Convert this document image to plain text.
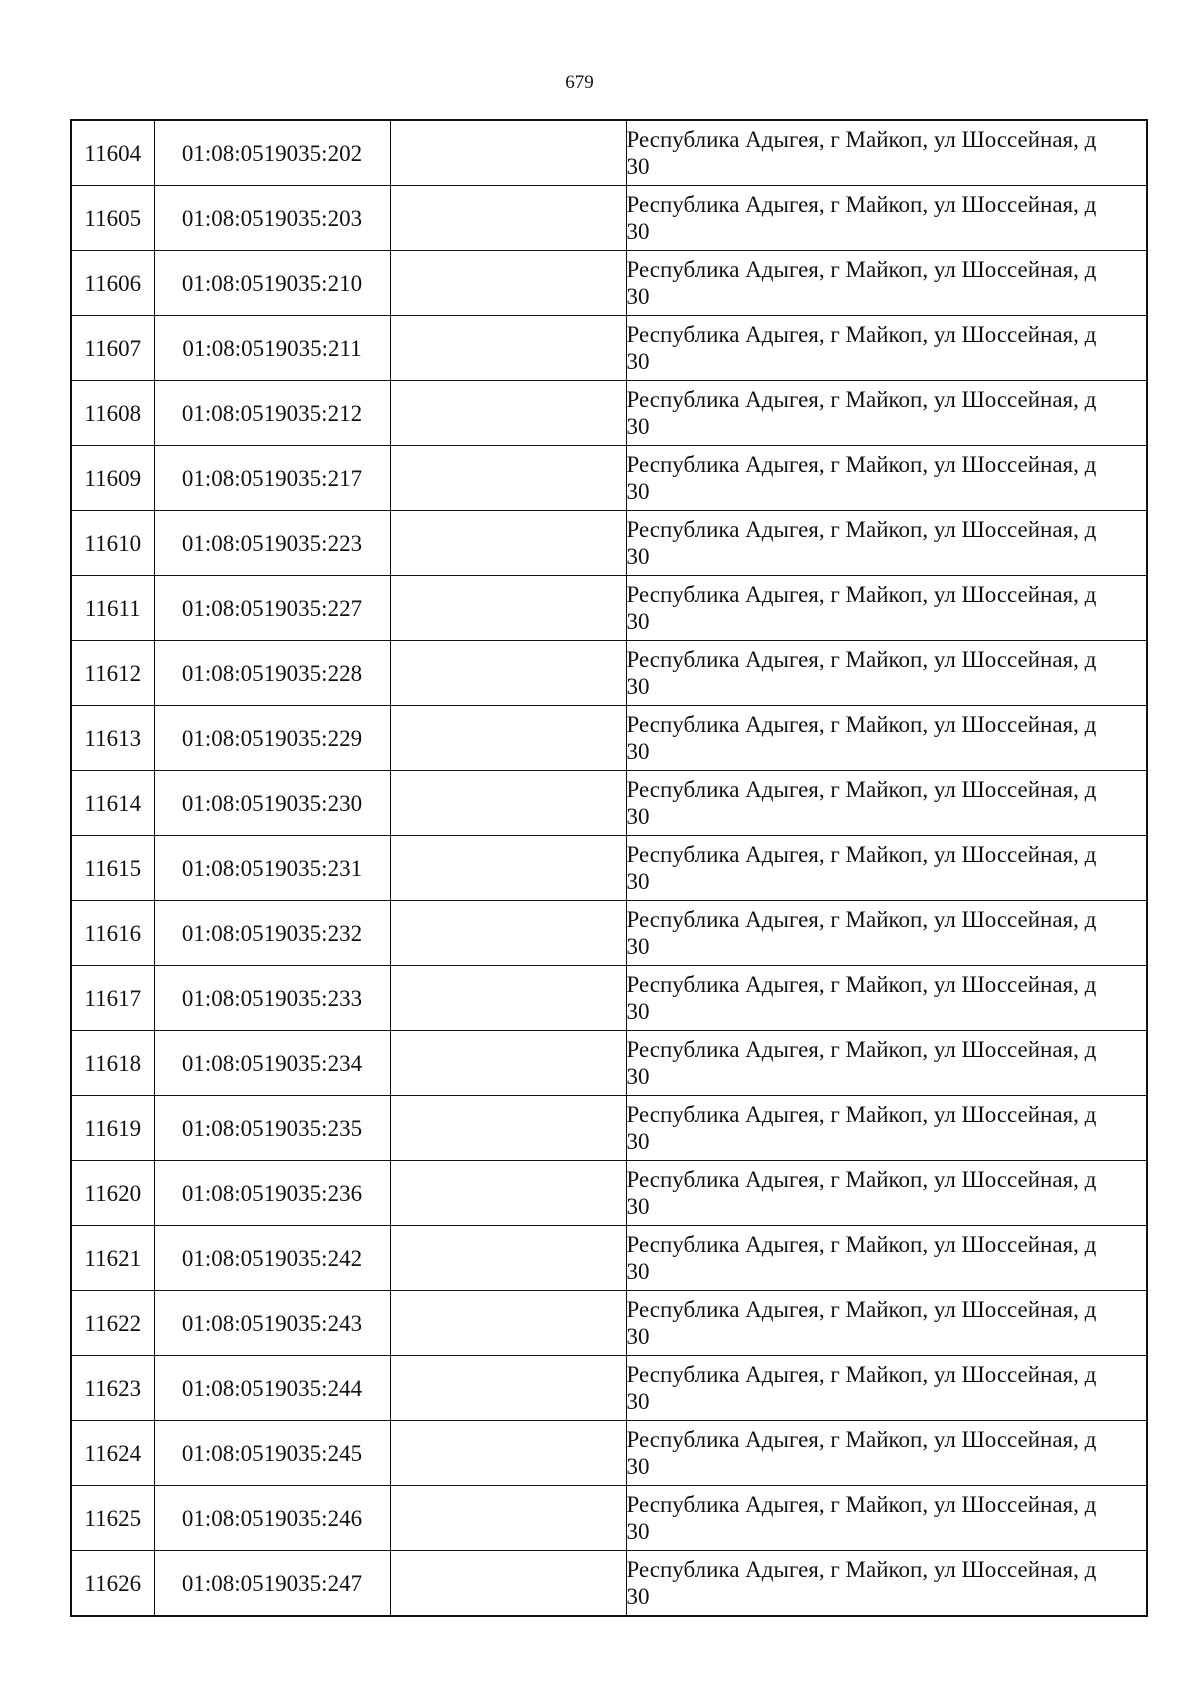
679
11604	01:08:0519035:202		Республика Адыгея, г Майкоп, ул Шоссейная, д
30

11605	01:08:0519035:203		Республика Адыгея, г Майкоп, ул Шоссейная, д
30

11606	01:08:0519035:210		Республика Адыгея, г Майкоп, ул Шоссейная, д
30

11607	01:08:0519035:211		Республика Адыгея, г Майкоп, ул Шоссейная, д
30

11608	01:08:0519035:212		Республика Адыгея, г Майкоп, ул Шоссейная, д
30

11609	01:08:0519035:217		Республика Адыгея, г Майкоп, ул Шоссейная, д
30

11610	01:08:0519035:223		Республика Адыгея, г Майкоп, ул Шоссейная, д
30

11611	01:08:0519035:227		Республика Адыгея, г Майкоп, ул Шоссейная, д
30

11612	01:08:0519035:228		Республика Адыгея, г Майкоп, ул Шоссейная, д
30

11613	01:08:0519035:229		Республика Адыгея, г Майкоп, ул Шоссейная, д
30

11614	01:08:0519035:230		Республика Адыгея, г Майкоп, ул Шоссейная, д
30

11615	01:08:0519035:231		Республика Адыгея, г Майкоп, ул Шоссейная, д
30

11616	01:08:0519035:232		Республика Адыгея, г Майкоп, ул Шоссейная, д
30

11617	01:08:0519035:233		Республика Адыгея, г Майкоп, ул Шоссейная, д
30

11618	01:08:0519035:234		Республика Адыгея, г Майкоп, ул Шоссейная, д
30

11619	01:08:0519035:235		Республика Адыгея, г Майкоп, ул Шоссейная, д
30

11620	01:08:0519035:236		Республика Адыгея, г Майкоп, ул Шоссейная, д
30

11621	01:08:0519035:242		Республика Адыгея, г Майкоп, ул Шоссейная, д
30

11622	01:08:0519035:243		Республика Адыгея, г Майкоп, ул Шоссейная, д
30

11623	01:08:0519035:244		Республика Адыгея, г Майкоп, ул Шоссейная, д
30

11624	01:08:0519035:245		Республика Адыгея, г Майкоп, ул Шоссейная, д
30

11625	01:08:0519035:246		Республика Адыгея, г Майкоп, ул Шоссейная, д
30

11626	01:08:0519035:247		Республика Адыгея, г Майкоп, ул Шоссейная, д
30
